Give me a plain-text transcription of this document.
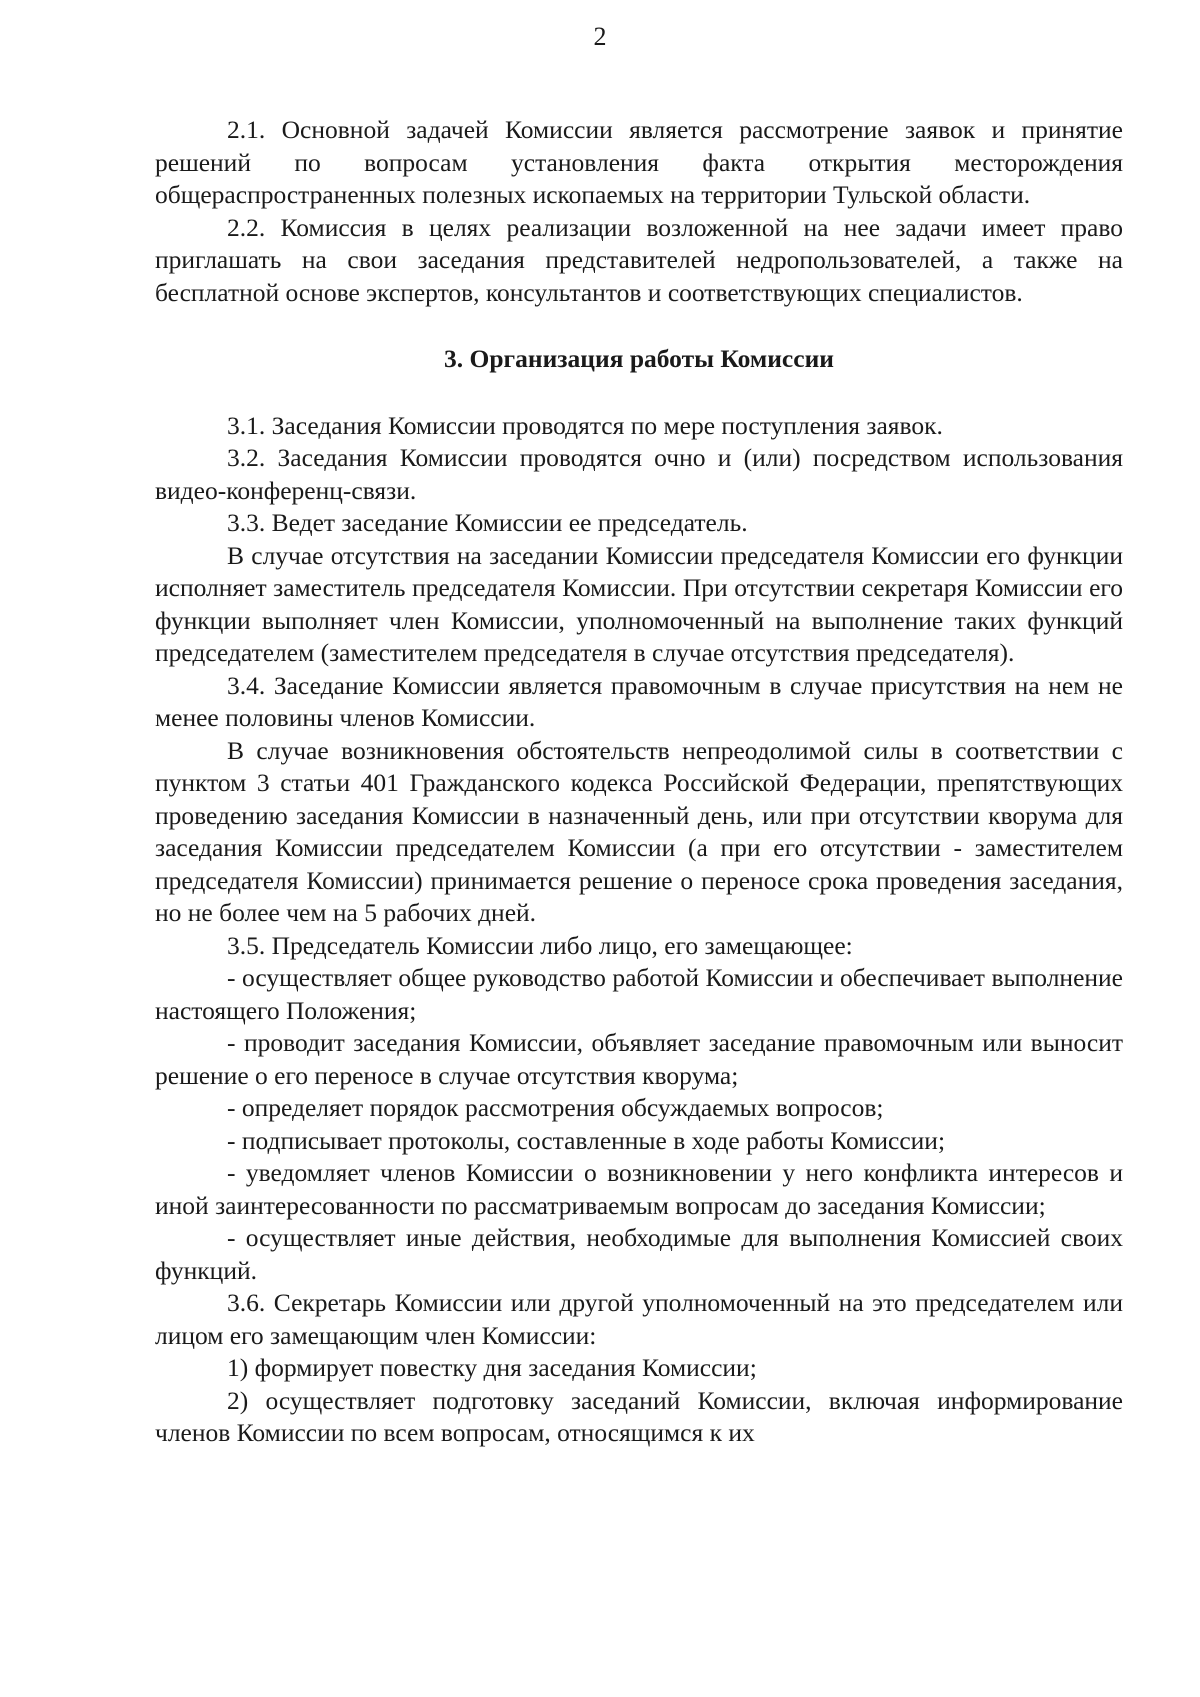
2

2.1. Основной задачей Комиссии является рассмотрение заявок и принятие решений по вопросам установления факта открытия месторождения общераспространенных полезных ископаемых на территории Тульской области.

2.2. Комиссия в целях реализации возложенной на нее задачи имеет право приглашать на свои заседания представителей недропользователей, а также на бесплатной основе экспертов, консультантов и соответствующих специалистов.

3. Организация работы Комиссии

3.1. Заседания Комиссии проводятся по мере поступления заявок.

3.2. Заседания Комиссии проводятся очно и (или) посредством использования видео-конференц-связи.

3.3. Ведет заседание Комиссии ее председатель.

В случае отсутствия на заседании Комиссии председателя Комиссии его функции исполняет заместитель председателя Комиссии. При отсутствии секретаря Комиссии его функции выполняет член Комиссии, уполномоченный на выполнение таких функций председателем (заместителем председателя в случае отсутствия председателя).

3.4. Заседание Комиссии является правомочным в случае присутствия на нем не менее половины членов Комиссии.

В случае возникновения обстоятельств непреодолимой силы в соответствии с пунктом 3 статьи 401 Гражданского кодекса Российской Федерации, препятствующих проведению заседания Комиссии в назначенный день, или при отсутствии кворума для заседания Комиссии председателем Комиссии (а при его отсутствии - заместителем председателя Комиссии) принимается решение о переносе срока проведения заседания, но не более чем на 5 рабочих дней.

3.5. Председатель Комиссии либо лицо, его замещающее:

- осуществляет общее руководство работой Комиссии и обеспечивает выполнение настоящего Положения;

- проводит заседания Комиссии, объявляет заседание правомочным или выносит решение о его переносе в случае отсутствия кворума;

- определяет порядок рассмотрения обсуждаемых вопросов;

- подписывает протоколы, составленные в ходе работы Комиссии;

- уведомляет членов Комиссии о возникновении у него конфликта интересов и иной заинтересованности по рассматриваемым вопросам до заседания Комиссии;

- осуществляет иные действия, необходимые для выполнения Комиссией своих функций.

3.6. Секретарь Комиссии или другой уполномоченный на это председателем или лицом его замещающим член Комиссии:

1) формирует повестку дня заседания Комиссии;

2) осуществляет подготовку заседаний Комиссии, включая информирование членов Комиссии по всем вопросам, относящимся к их
